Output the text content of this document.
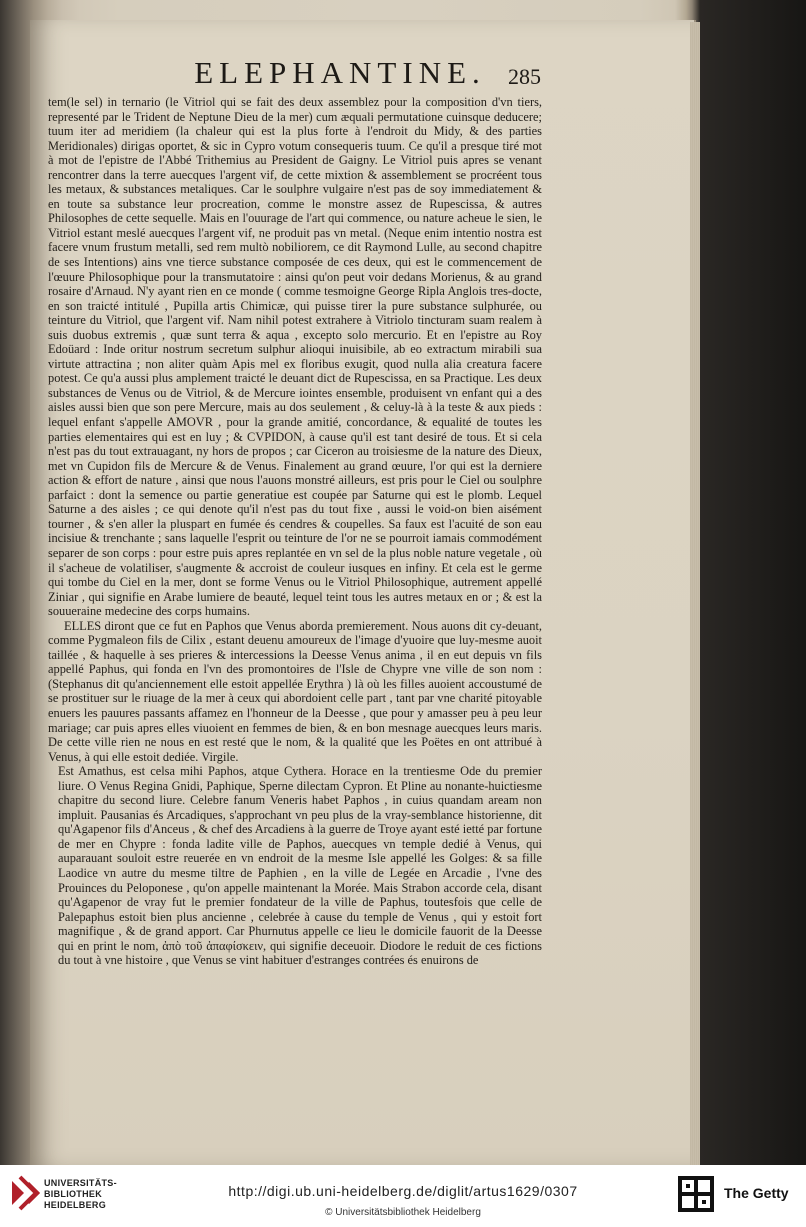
ELEPHANTINE.	285

tem(le sel) in ternario (le Vitriol qui se fait des deux assemblez pour la composition d'vn tiers, representé par le Trident de Neptune Dieu de la mer) cum æquali permutatione cuinsque deducere; tuum iter ad meridiem (la chaleur qui est la plus forte à l'endroit du Midy, & des parties Meridionales) dirigas oportet, & sic in Cypro votum consequeris tuum. Ce qu'il a presque tiré mot à mot de l'epistre de l'Abbé Trithemius au President de Gaigny. Le Vitriol puis apres se venant rencontrer dans la terre auecques l'argent vif, de cette mixtion & assemblement se procréent tous les metaux, & substances metaliques. Car le soulphre vulgaire n'est pas de soy immediatement & en toute sa substance leur procreation, comme le monstre assez de Rupescissa, & autres Philosophes de cette sequelle. Mais en l'ouurage de l'art qui commence, ou nature acheue le sien, le Vitriol estant meslé auecques l'argent vif, ne produit pas vn metal. (Neque enim intentio nostra est facere vnum frustum metalli, sed rem multò nobiliorem, ce dit Raymond Lulle, au second chapitre de ses Intentions) ains vne tierce substance composée de ces deux, qui est le commencement de l'œuure Philosophique pour la transmutatoire : ainsi qu'on peut voir dedans Morienus, & au grand rosaire d'Arnaud. N'y ayant rien en ce monde ( comme tesmoigne George Ripla Anglois tres-docte, en son traicté intitulé , Pupilla artis Chimicæ, qui puisse tirer la pure substance sulphurée, ou teinture du Vitriol, que l'argent vif. Nam nihil potest extrahere à Vitriolo tincturam suam realem à suis duobus extremis , quæ sunt terra & aqua , excepto solo mercurio. Et en l'epistre au Roy Edoüard : Inde oritur nostrum secretum sulphur alioqui inuisibile, ab eo extractum mirabili sua virtute attractina ; non aliter quàm Apis mel ex floribus exugit, quod nulla alia creatura facere potest. Ce qu'a aussi plus amplement traicté le deuant dict de Rupescissa, en sa Practique. Les deux substances de Venus ou de Vitriol, & de Mercure iointes ensemble, produisent vn enfant qui a des aisles aussi bien que son pere Mercure, mais au dos seulement , & celuy-là à la teste & aux pieds : lequel enfant s'appelle AMOVR , pour la grande amitié, concordance, & equalité de toutes les parties elementaires qui est en luy ; & CVPIDON, à cause qu'il est tant desiré de tous. Et si cela n'est pas du tout extrauagant, ny hors de propos ; car Ciceron au troisiesme de la nature des Dieux, met vn Cupidon fils de Mercure & de Venus. Finalement au grand œuure, l'or qui est la derniere action & effort de nature , ainsi que nous l'auons monstré ailleurs, est pris pour le Ciel ou soulphre parfaict : dont la semence ou partie generatiue est coupée par Saturne qui est le plomb. Lequel Saturne a des aisles ; ce qui denote qu'il n'est pas du tout fixe , aussi le void-on bien aisément tourner , & s'en aller la pluspart en fumée és cendres & coupelles. Sa faux est l'acuité de son eau incisiue & trenchante ; sans laquelle l'esprit ou teinture de l'or ne se pourroit iamais commodément separer de son corps : pour estre puis apres replantée en vn sel de la plus noble nature vegetale , où il s'acheue de volatiliser, s'augmente & accroist de couleur iusques en infiny. Et cela est le germe qui tombe du Ciel en la mer, dont se forme Venus ou le Vitriol Philosophique, autrement appellé Ziniar , qui signifie en Arabe lumiere de beauté, lequel teint tous les autres metaux en or ; & est la souueraine medecine des corps humains.

ELLES diront que ce fut en Paphos que Venus aborda premierement. Nous auons dit cy-deuant, comme Pygmaleon fils de Cilix , estant deuenu amoureux de l'image d'yuoire que luy-mesme auoit taillée , & haquelle à ses prieres & intercessions la Deesse Venus anima , il en eut depuis vn fils appellé Paphus, qui fonda en l'vn des promontoires de l'Isle de Chypre vne ville de son nom : (Stephanus dit qu'anciennement elle estoit appellée Erythra ) là où les filles auoient accoustumé de se prostituer sur le riuage de la mer à ceux qui abordoient celle part , tant par vne charité pitoyable enuers les pauures passants affamez en l'honneur de la Deesse , que pour y amasser peu à peu leur mariage; car puis apres elles viuoient en femmes de bien, & en bon mesnage auecques leurs maris. De cette ville rien ne nous en est resté que le nom, & la qualité que les Poëtes en ont attribué à Venus, à qui elle estoit dediée. Virgile.

Est Amathus, est celsa mihi Paphos, atque Cythera. Horace en la trentiesme Ode du premier liure. O Venus Regina Gnidi, Paphique, Sperne dilectam Cypron. Et Pline au nonante-huictiesme chapitre du second liure. Celebre fanum Veneris habet Paphos , in cuius quandam aream non impluit. Pausanias és Arcadiques, s'approchant vn peu plus de la vray-semblance historienne, dit qu'Agapenor fils d'Anceus , & chef des Arcadiens à la guerre de Troye ayant esté ietté par fortune de mer en Chypre : fonda ladite ville de Paphos, auecques vn temple dedié à Venus, qui auparauant souloit estre reuerée en vn endroit de la mesme Isle appellé les Golges: & sa fille Laodice vn autre du mesme tiltre de Paphien , en la ville de Legée en Arcadie , l'vne des Prouinces du Peloponese , qu'on appelle maintenant la Morée. Mais Strabon accorde cela, disant qu'Agapenor de vray fut le premier fondateur de la ville de Paphus, toutesfois que celle de Palepaphus estoit bien plus ancienne , celebrée à cause du temple de Venus , qui y estoit fort magnifique , & de grand apport. Car Phurnutus appelle ce lieu le domicile fauorit de la Deesse qui en print le nom, ἀπὸ τοῦ ἀπαφίσκειν, qui signifie deceuoir. Diodore le reduit de ces fictions du tout à vne histoire , que Venus se vint habituer d'estranges contrées és enuirons de

UNIVERSITÄTS-
BIBLIOTHEK
HEIDELBERG
http://digi.ub.uni-heidelberg.de/diglit/artus1629/0307
© Universitätsbibliothek Heidelberg
The Getty
